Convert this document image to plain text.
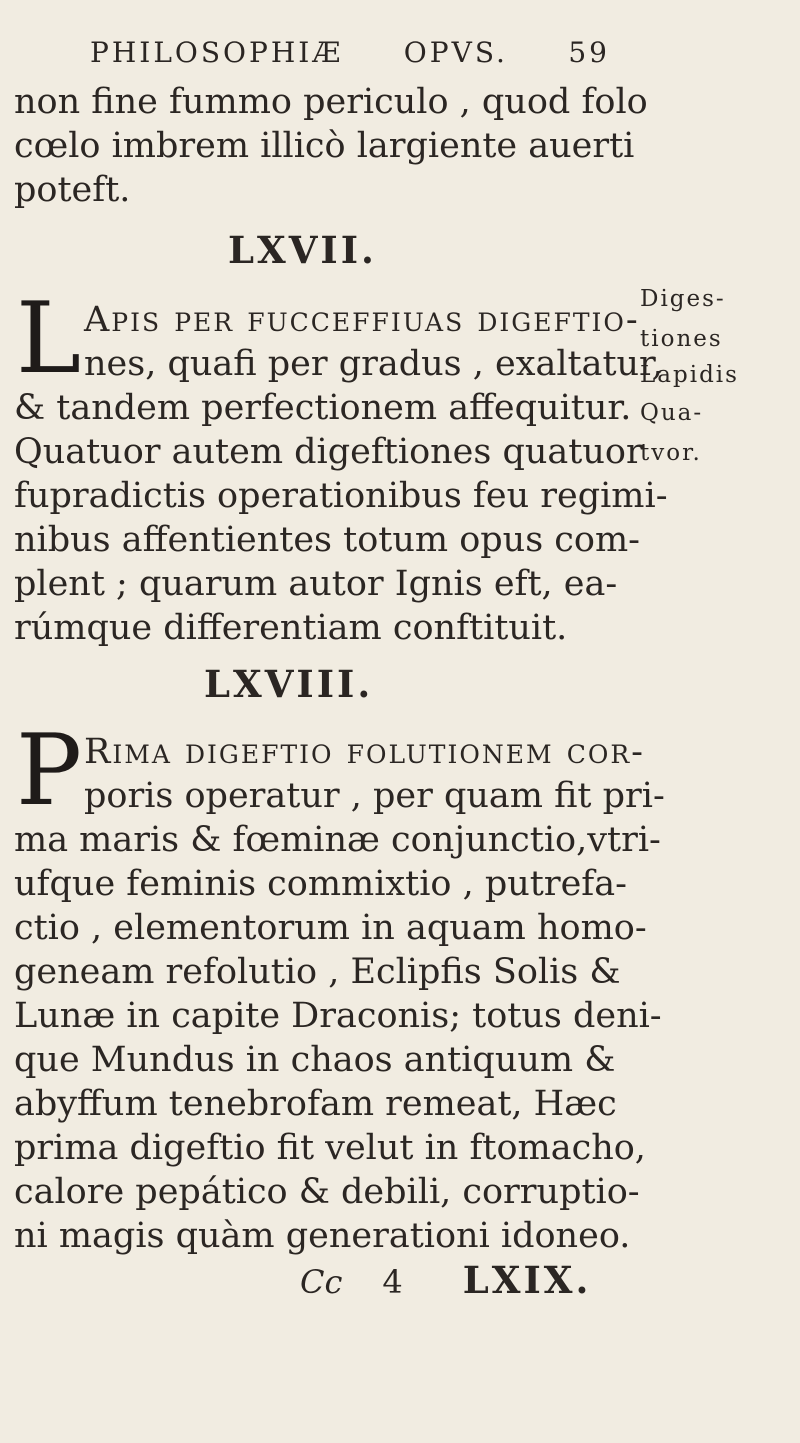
PHILOSOPHIÆ OPVS. 59
non fine fummo periculo , quod folo
cœlo imbrem illicò largiente auerti
poteft.
LXVII.
L Apis per fucceffiuas digeftio-
nes, quafi per gradus , exaltatur,
& tandem perfectionem affequitur.
Quatuor autem digeftiones quatuor
fupradictis operationibus feu regimi-
nibus affentientes totum opus com-
plent ; quarum autor Ignis eft, ea-
rúmque differentiam conftituit.
Diges-
tiones
Lapidis
Qua-
tvor.
LXVIII.
P Rima digeftio folutionem cor-
poris operatur , per quam fit pri-
ma maris & fœminæ conjunctio,vtri-
ufque feminis commixtio , putrefa-
ctio , elementorum in aquam homo-
geneam refolutio , Eclipfis Solis &
Lunæ in capite Draconis; totus deni-
que Mundus in chaos antiquum &
abyffum tenebrofam remeat, Hæc
prima digeftio fit velut in ftomacho,
calore pepático & debili, corruptio-
ni magis quàm generationi idoneo.
Cc 4 LXIX.
